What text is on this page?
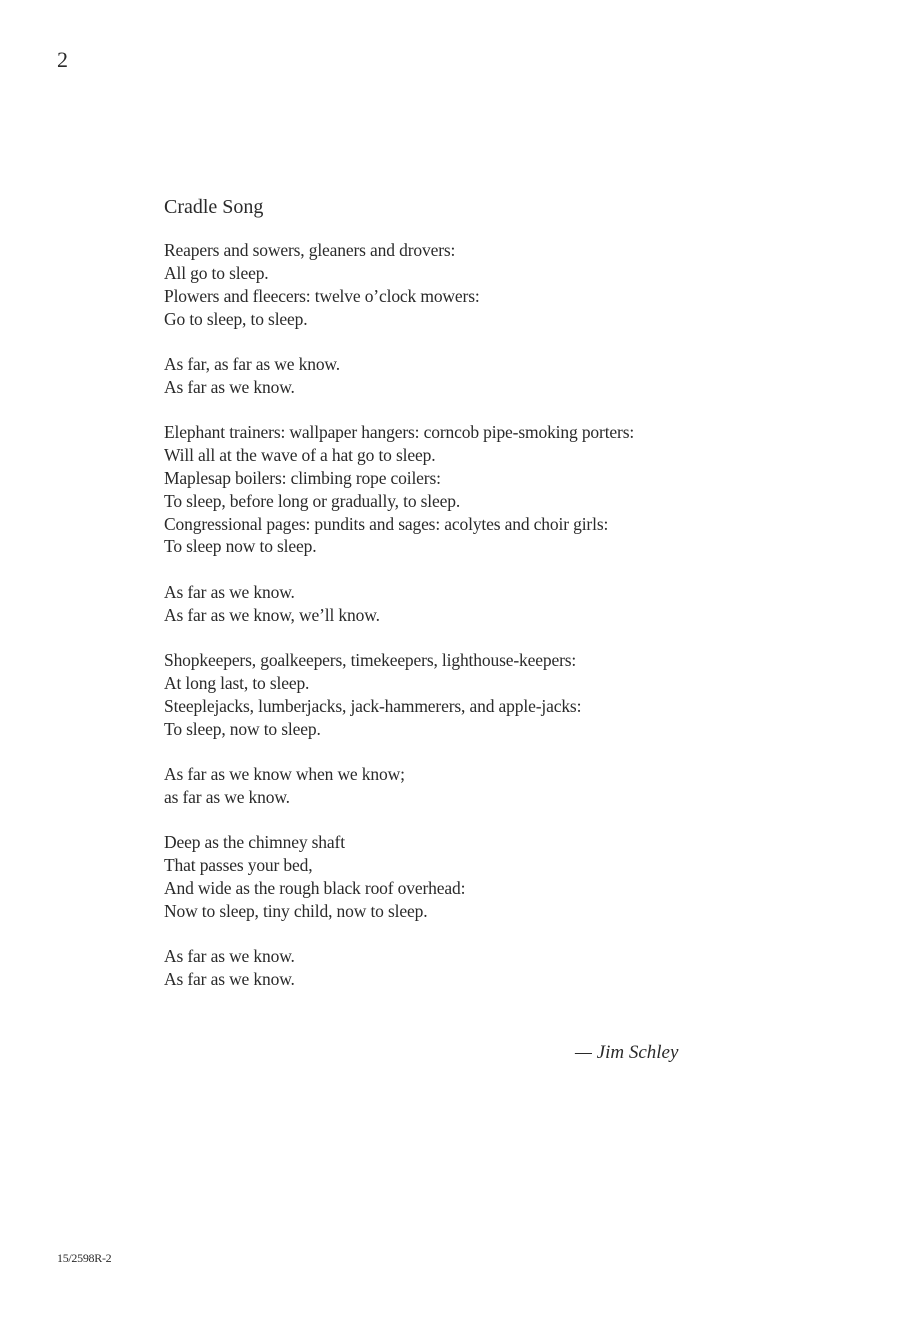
2
Cradle Song
Reapers and sowers, gleaners and drovers:
All go to sleep.
Plowers and fleecers: twelve o’clock mowers:
Go to sleep, to sleep.
As far, as far as we know.
As far as we know.
Elephant trainers: wallpaper hangers: corncob pipe-smoking porters:
Will all at the wave of a hat go to sleep.
Maplesap boilers: climbing rope coilers:
To sleep, before long or gradually, to sleep.
Congressional pages: pundits and sages: acolytes and choir girls:
To sleep now to sleep.
As far as we know.
As far as we know, we’ll know.
Shopkeepers, goalkeepers, timekeepers, lighthouse-keepers:
At long last, to sleep.
Steeplejacks, lumberjacks, jack-hammerers, and apple-jacks:
To sleep, now to sleep.
As far as we know when we know;
as far as we know.
Deep as the chimney shaft
That passes your bed,
And wide as the rough black roof overhead:
Now to sleep, tiny child, now to sleep.
As far as we know.
As far as we know.
— Jim Schley
15/2598R-2
